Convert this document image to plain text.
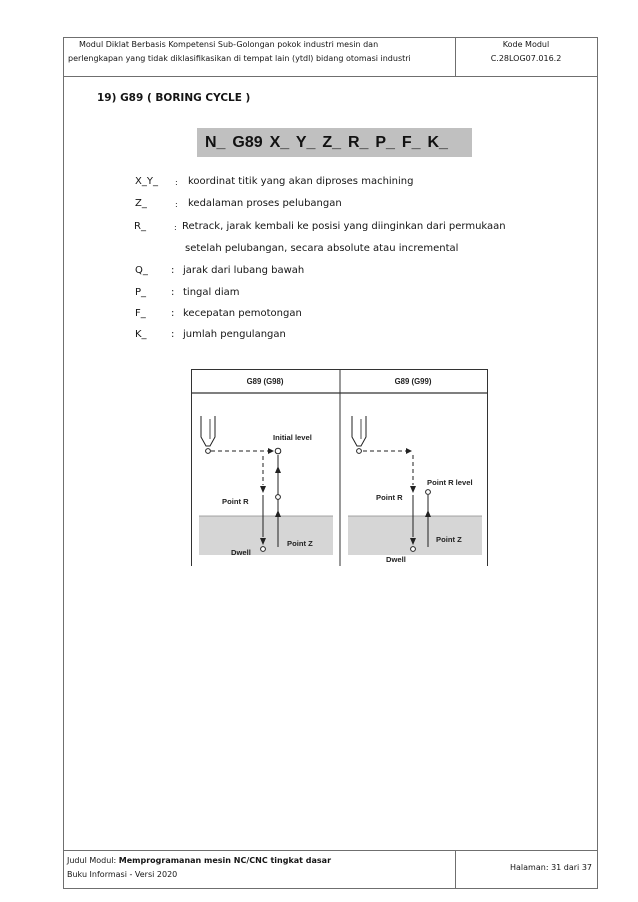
Modul Diklat Berbasis Kompetensi Sub-Golongan pokok industri mesin dan
perlengkapan yang tidak diklasifikasikan di tempat lain (ytdl) bidang otomasi industri
Kode Modul
C.28LOG07.016.2
19) G89 ( BORING CYCLE )
N_ G89 X_ Y_ Z_ R_ P_ F_ K_
X_Y_ : koordinat titik yang akan diproses machining
Z_	: kedalaman proses pelubangan
R_	: Retrack, jarak kembali ke posisi yang diinginkan dari permukaan
setelah pelubangan, secara absolute atau incremental
Q_ : jarak dari lubang bawah
P_ : tingal diam
F_	: kecepatan pemotongan
K_ : jumlah pengulangan
G89 (G98)	G89 (G99)
Initial level
Point R
Point Z
Dwell
Point R level
Point R
Point Z
Dwell
Judul Modul: Memprogramanan mesin NC/CNC tingkat dasar
Buku Informasi - Versi 2020
Halaman: 31 dari 37
